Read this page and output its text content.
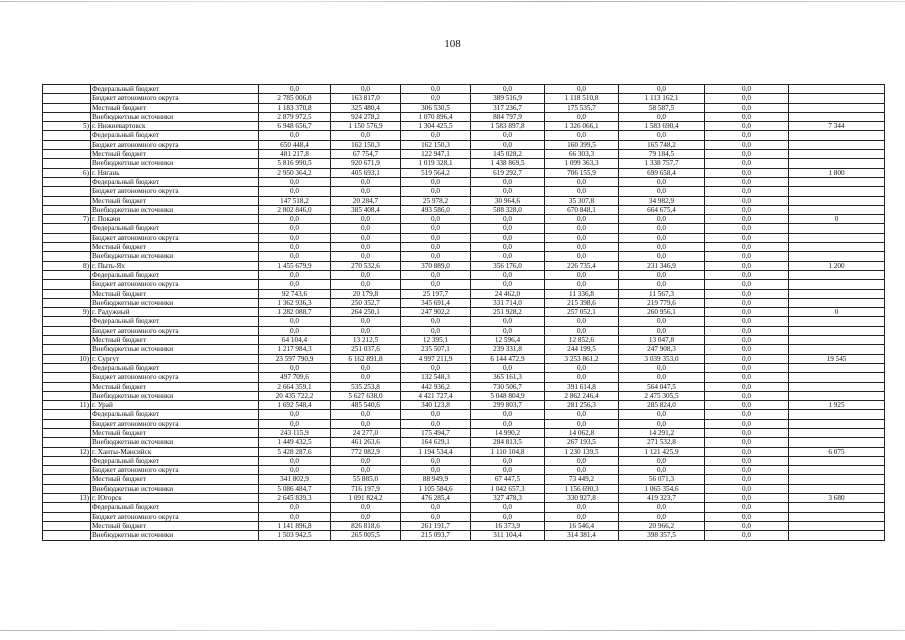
108
	Федеральный бюджет	0,0	0,0	0,0	0,0	0,0	0,0	0,0	
	Бюджет автономного округа	2 785 006,8	163 817,0	0,0	389 516,9	1 118 510,8	1 113 162,1	0,0	
	Местный бюджет	1 183 370,8	325 480,4	306 530,5	317 236,7	175 535,7	58 587,5	0,0	
	Внебюджетные источники	2 879 972,5	924 278,2	1 070 896,4	884 797,9	0,0	0,0	0,0	
5)	г. Нижневартовск	6 948 656,7	1 150 576,9	1 304 425,5	1 583 897,8	1 326 066,1	1 583 690,4	0,0	7 344
	Федеральный бюджет	0,0	0,0	0,0	0,0	0,0	0,0	0,0	
	Бюджет автономного округа	650 448,4	162 150,3	162 150,3	0,0	160 399,5	165 748,2	0,0	
	Местный бюджет	481 217,8	67 754,7	122 947,1	145 028,2	66 303,3	79 184,5	0,0	
	Внебюджетные источники	5 816 990,5	920 671,9	1 019 328,1	1 438 869,5	1 099 363,3	1 338 757,7	0,0	
6)	г. Нягань	2 950 364,2	405 693,1	519 564,2	619 292,7	706 155,9	699 658,4	0,0	1 800
	Федеральный бюджет	0,0	0,0	0,0	0,0	0,0	0,0	0,0	
	Бюджет автономного округа	0,0	0,0	0,0	0,0	0,0	0,0	0,0	
	Местный бюджет	147 518,2	20 284,7	25 978,2	30 964,6	35 307,8	34 982,9	0,0	
	Внебюджетные источники	2 802 846,0	385 408,4	493 586,0	588 328,0	670 848,1	664 675,4	0,0	
7)	г. Покачи	0,0	0,0	0,0	0,0	0,0	0,0	0,0	0
	Федеральный бюджет	0,0	0,0	0,0	0,0	0,0	0,0	0,0	
	Бюджет автономного округа	0,0	0,0	0,0	0,0	0,0	0,0	0,0	
	Местный бюджет	0,0	0,0	0,0	0,0	0,0	0,0	0,0	
	Внебюджетные источники	0,0	0,0	0,0	0,0	0,0	0,0	0,0	
8)	г. Пыть-Ях	1 455 679,9	270 532,6	370 889,0	356 176,0	226 735,4	231 346,9	0,0	1 200
	Федеральный бюджет	0,0	0,0	0,0	0,0	0,0	0,0	0,0	
	Бюджет автономного округа	0,0	0,0	0,0	0,0	0,0	0,0	0,0	
	Местный бюджет	92 743,6	20 179,8	25 197,7	24 462,0	11 336,8	11 567,3	0,0	
	Внебюджетные источники	1 362 936,3	250 352,7	345 691,4	331 714,0	215 398,6	219 779,6	0,0	
9)	г. Радужный	1 282 088,7	264 250,1	247 902,2	251 928,2	257 052,1	260 956,1	0,0	0
	Федеральный бюджет	0,0	0,0	0,0	0,0	0,0	0,0	0,0	
	Бюджет автономного округа	0,0	0,0	0,0	0,0	0,0	0,0	0,0	
	Местный бюджет	64 104,4	13 212,5	12 395,1	12 596,4	12 852,6	13 047,8	0,0	
	Внебюджетные источники	1 217 984,3	251 037,6	235 507,1	239 331,8	244 199,5	247 908,3	0,0	
10)	г. Сургут	23 597 790,9	6 162 891,8	4 997 211,9	6 144 472,9	3 253 861,2	3 039 353,0	0,0	19 545
	Федеральный бюджет	0,0	0,0	0,0	0,0	0,0	0,0	0,0	
	Бюджет автономного округа	497 709,6	0,0	132 548,3	365 161,3	0,0	0,0	0,0	
	Местный бюджет	2 664 359,1	535 253,8	442 936,2	730 506,7	391 614,8	564 047,5	0,0	
	Внебюджетные источники	20 435 722,2	5 627 638,0	4 421 727,4	5 048 804,9	2 862 246,4	2 475 305,5	0,0	
11)	г. Урай	1 692 548,4	485 540,6	340 123,8	299 803,7	281 256,3	285 824,0	0,0	1 925
	Федеральный бюджет	0,0	0,0	0,0	0,0	0,0	0,0	0,0	
	Бюджет автономного округа	0,0	0,0	0,0	0,0	0,0	0,0	0,0	
	Местный бюджет	243 115,9	24 277,0	175 494,7	14 990,2	14 062,8	14 291,2	0,0	
	Внебюджетные источники	1 449 432,5	461 263,6	164 629,1	284 813,5	267 193,5	271 532,8	0,0	
12)	г. Ханты-Мансийск	5 428 287,6	772 082,9	1 194 534,4	1 110 104,8	1 230 139,5	1 121 425,9	0,0	6 075
	Федеральный бюджет	0,0	0,0	0,0	0,0	0,0	0,0	0,0	
	Бюджет автономного округа	0,0	0,0	0,0	0,0	0,0	0,0	0,0	
	Местный бюджет	341 802,9	55 885,0	88 949,9	67 447,5	73 449,2	56 071,3	0,0	
	Внебюджетные источники	5 086 484,7	716 197,9	1 105 584,6	1 042 657,3	1 156 690,3	1 065 354,6	0,0	
13)	г. Югорск	2 645 839,3	1 091 824,2	476 285,4	327 478,3	330 927,8	419 323,7	0,0	3 680
	Федеральный бюджет	0,0	0,0	0,0	0,0	0,0	0,0	0,0	
	Бюджет автономного округа	0,0	0,0	0,0	0,0	0,0	0,0	0,0	
	Местный бюджет	1 141 896,8	826 818,6	261 191,7	16 373,9	16 546,4	20 966,2	0,0	
	Внебюджетные источники	1 503 942,5	265 005,5	215 093,7	311 104,4	314 381,4	398 357,5	0,0	
